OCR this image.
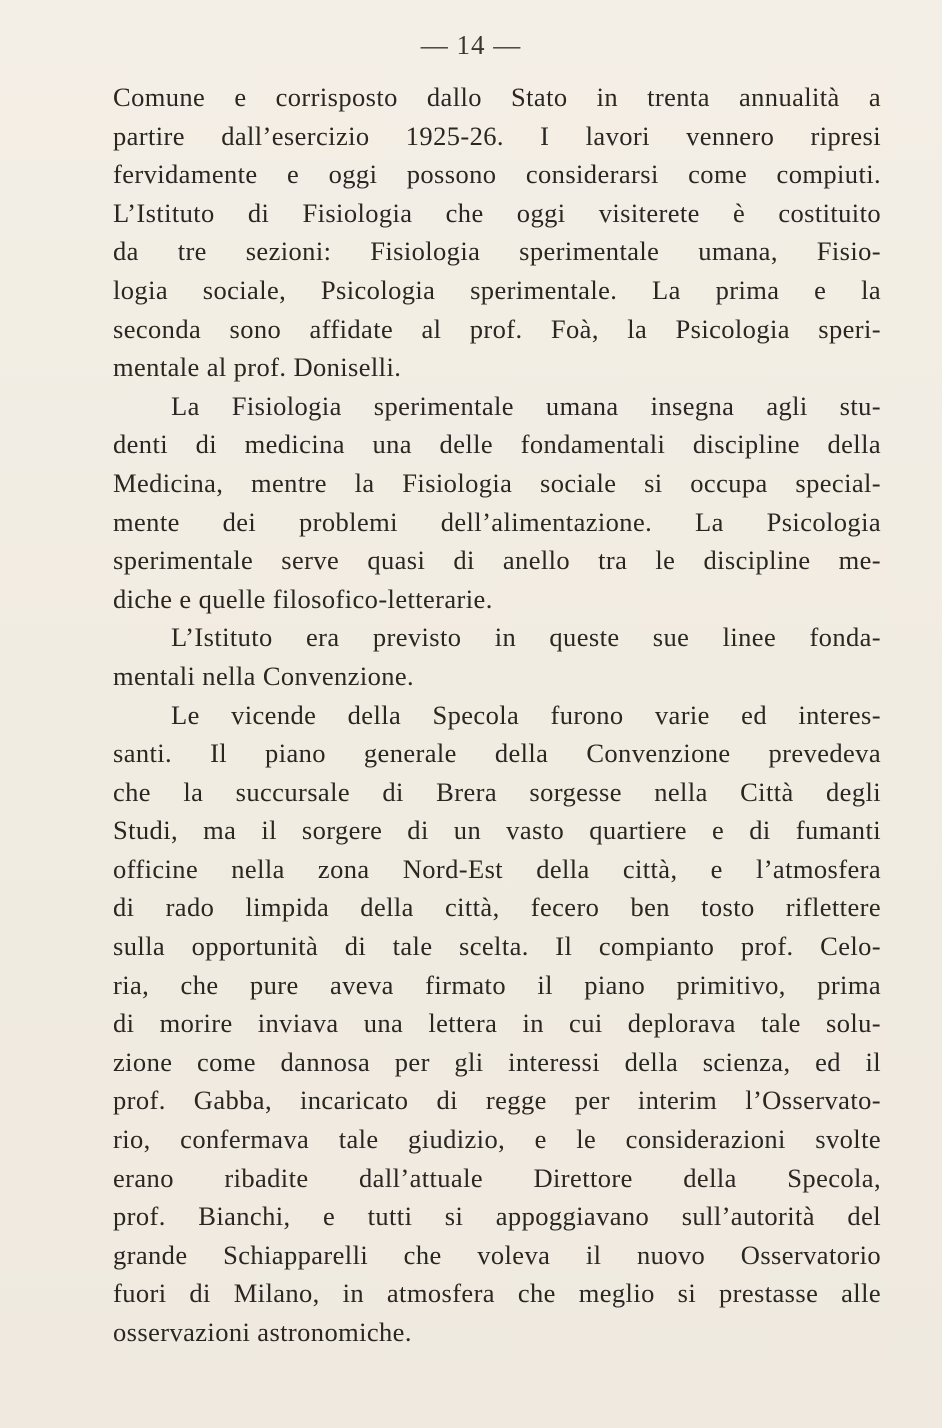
— 14 —
Comune e corrisposto dallo Stato in trenta annualità a
partire dall’esercizio 1925-26. I lavori vennero ripresi
fervidamente e oggi possono considerarsi come compiuti.
L’Istituto di Fisiologia che oggi visiterete è costituito
da tre sezioni: Fisiologia sperimentale umana, Fisio-
logia sociale, Psicologia sperimentale. La prima e la
seconda sono affidate al prof. Foà, la Psicologia speri-
mentale al prof. Doniselli.
La Fisiologia sperimentale umana insegna agli stu-
denti di medicina una delle fondamentali discipline della
Medicina, mentre la Fisiologia sociale si occupa special-
mente dei problemi dell’alimentazione. La Psicologia
sperimentale serve quasi di anello tra le discipline me-
diche e quelle filosofico-letterarie.
L’Istituto era previsto in queste sue linee fonda-
mentali nella Convenzione.
Le vicende della Specola furono varie ed interes-
santi. Il piano generale della Convenzione prevedeva
che la succursale di Brera sorgesse nella Città degli
Studi, ma il sorgere di un vasto quartiere e di fumanti
officine nella zona Nord-Est della città, e l’atmosfera
di rado limpida della città, fecero ben tosto riflettere
sulla opportunità di tale scelta. Il compianto prof. Celo-
ria, che pure aveva firmato il piano primitivo, prima
di morire inviava una lettera in cui deplorava tale solu-
zione come dannosa per gli interessi della scienza, ed il
prof. Gabba, incaricato di regge per interim l’Osservato-
rio, confermava tale giudizio, e le considerazioni svolte
erano ribadite dall’attuale Direttore della Specola,
prof. Bianchi, e tutti si appoggiavano sull’autorità del
grande Schiapparelli che voleva il nuovo Osservatorio
fuori di Milano, in atmosfera che meglio si prestasse alle
osservazioni astronomiche.
